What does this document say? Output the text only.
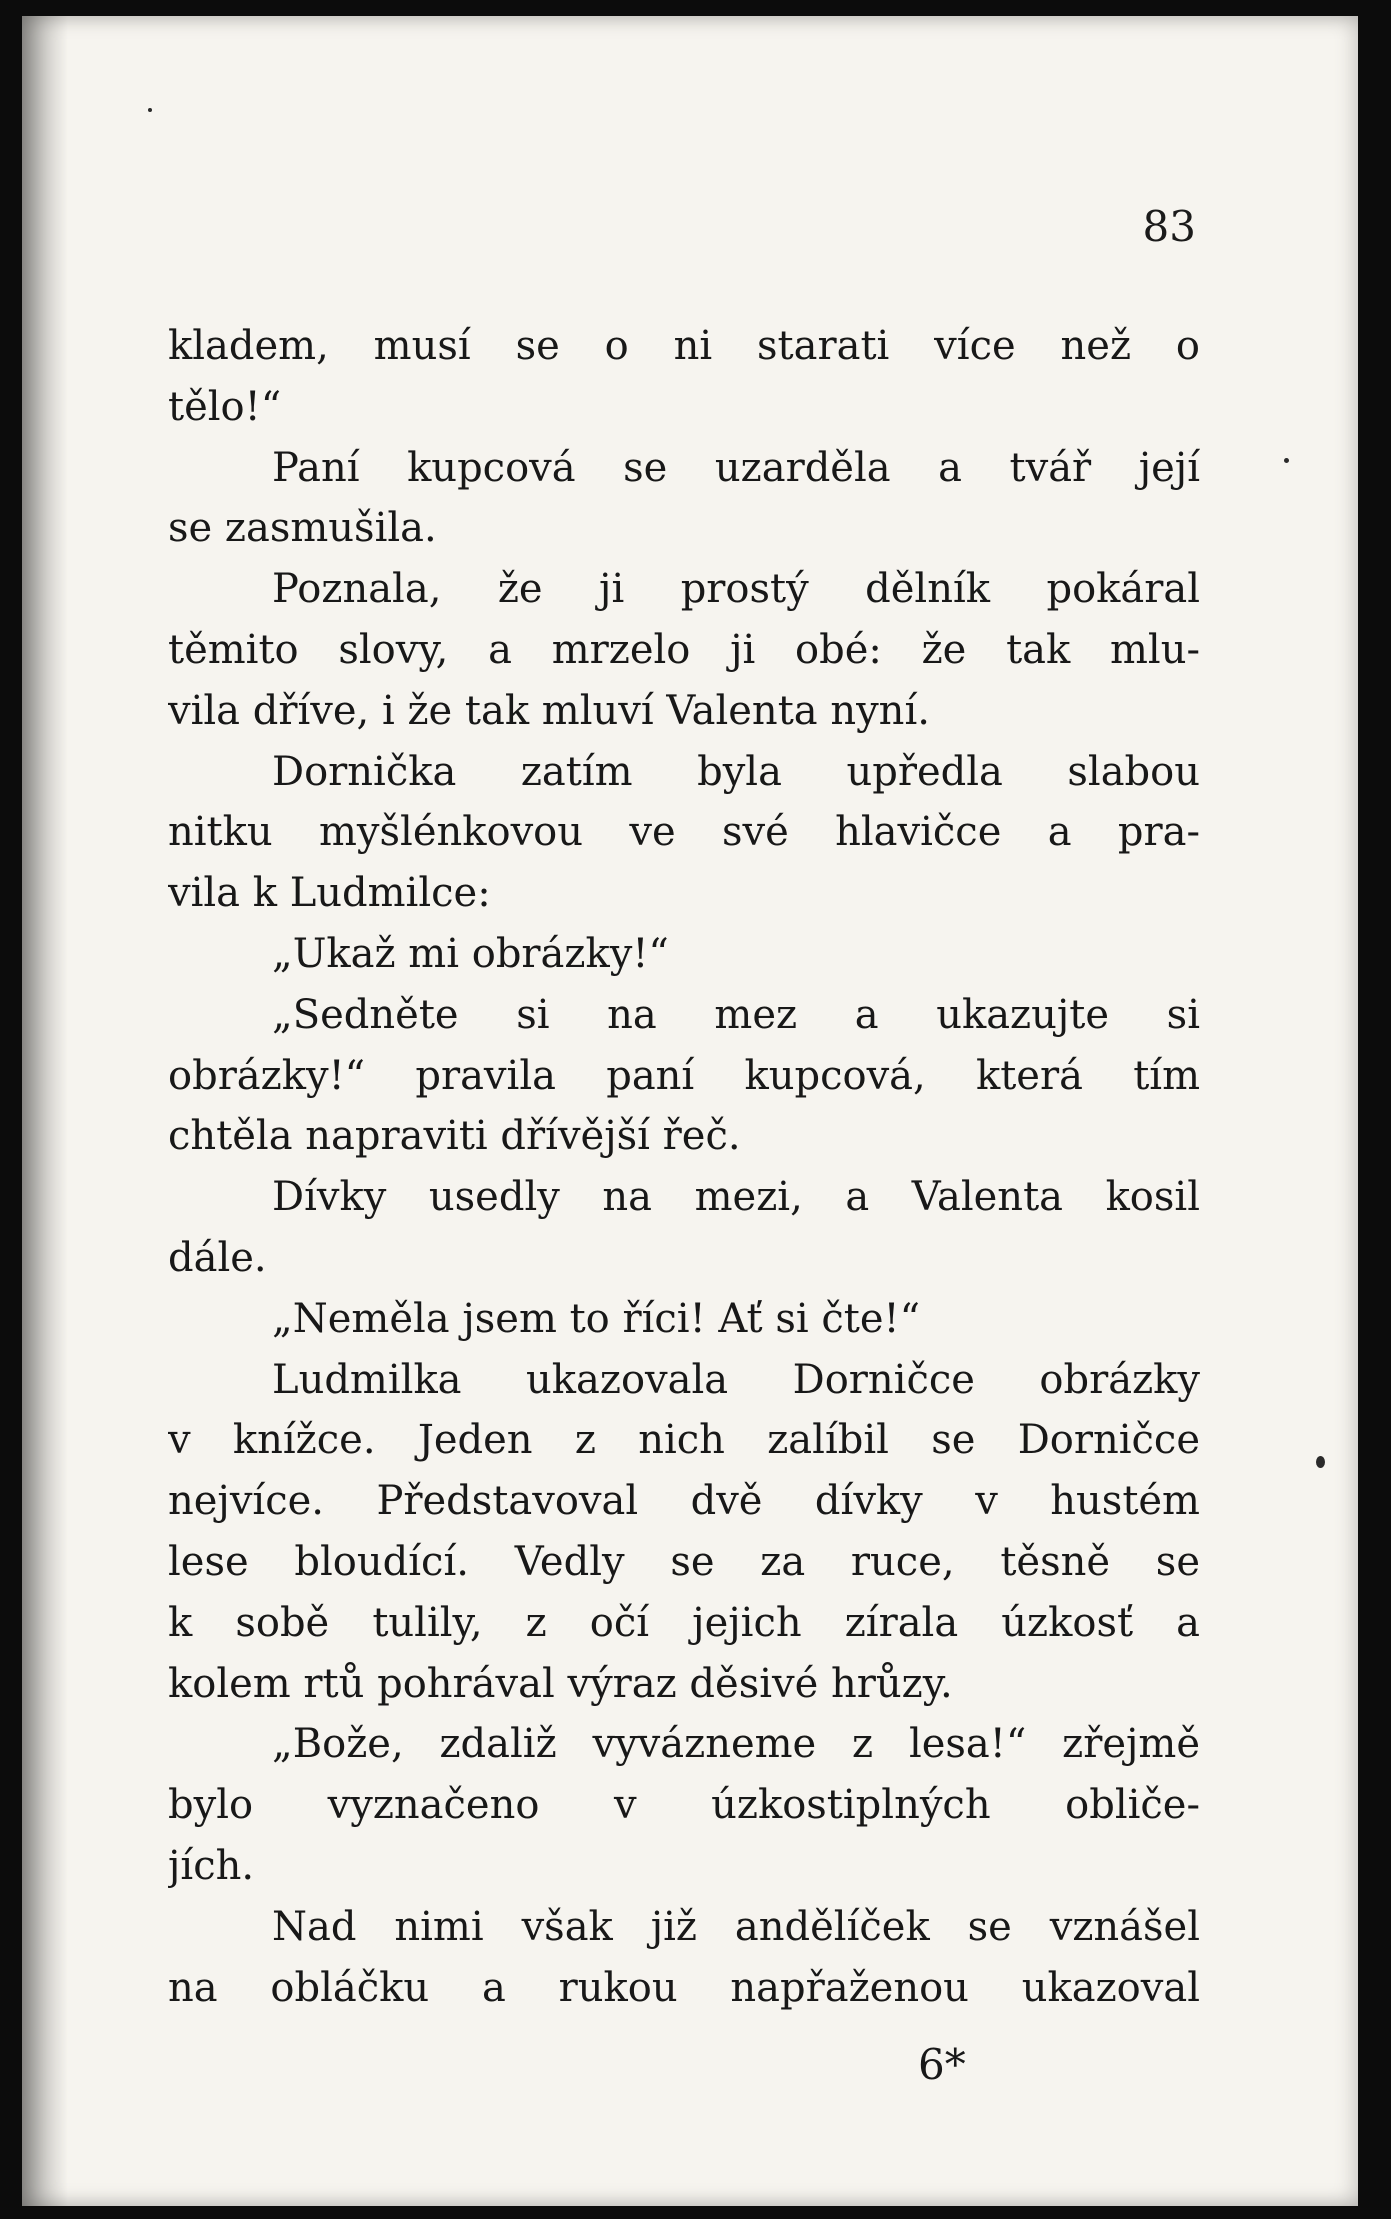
83

kladem, musí se o ni starati více než o
tělo!“
Paní kupcová se uzarděla a tvář její
se zasmušila.
Poznala, že ji prostý dělník pokáral
těmito slovy, a mrzelo ji obé: že tak mlu-
vila dříve, i že tak mluví Valenta nyní.
Dornička zatím byla upředla slabou
nitku myšlénkovou ve své hlavičce a pra-
vila k Ludmilce:
„Ukaž mi obrázky!“
„Sedněte si na mez a ukazujte si
obrázky!“ pravila paní kupcová, která tím
chtěla napraviti dřívější řeč.
Dívky usedly na mezi, a Valenta kosil
dále.
„Neměla jsem to říci! Ať si čte!“
Ludmilka ukazovala Dorničce obrázky
v knížce. Jeden z nich zalíbil se Dorničce
nejvíce. Představoval dvě dívky v hustém
lese bloudící. Vedly se za ruce, těsně se
k sobě tulily, z očí jejich zírala úzkosť a
kolem rtů pohrával výraz děsivé hrůzy.
„Bože, zdaliž vyvázneme z lesa!“ zřejmě
bylo vyznačeno v úzkostiplných obliče-
jích.
Nad nimi však již andělíček se vznášel
na obláčku a rukou napřaženou ukazoval

6*
